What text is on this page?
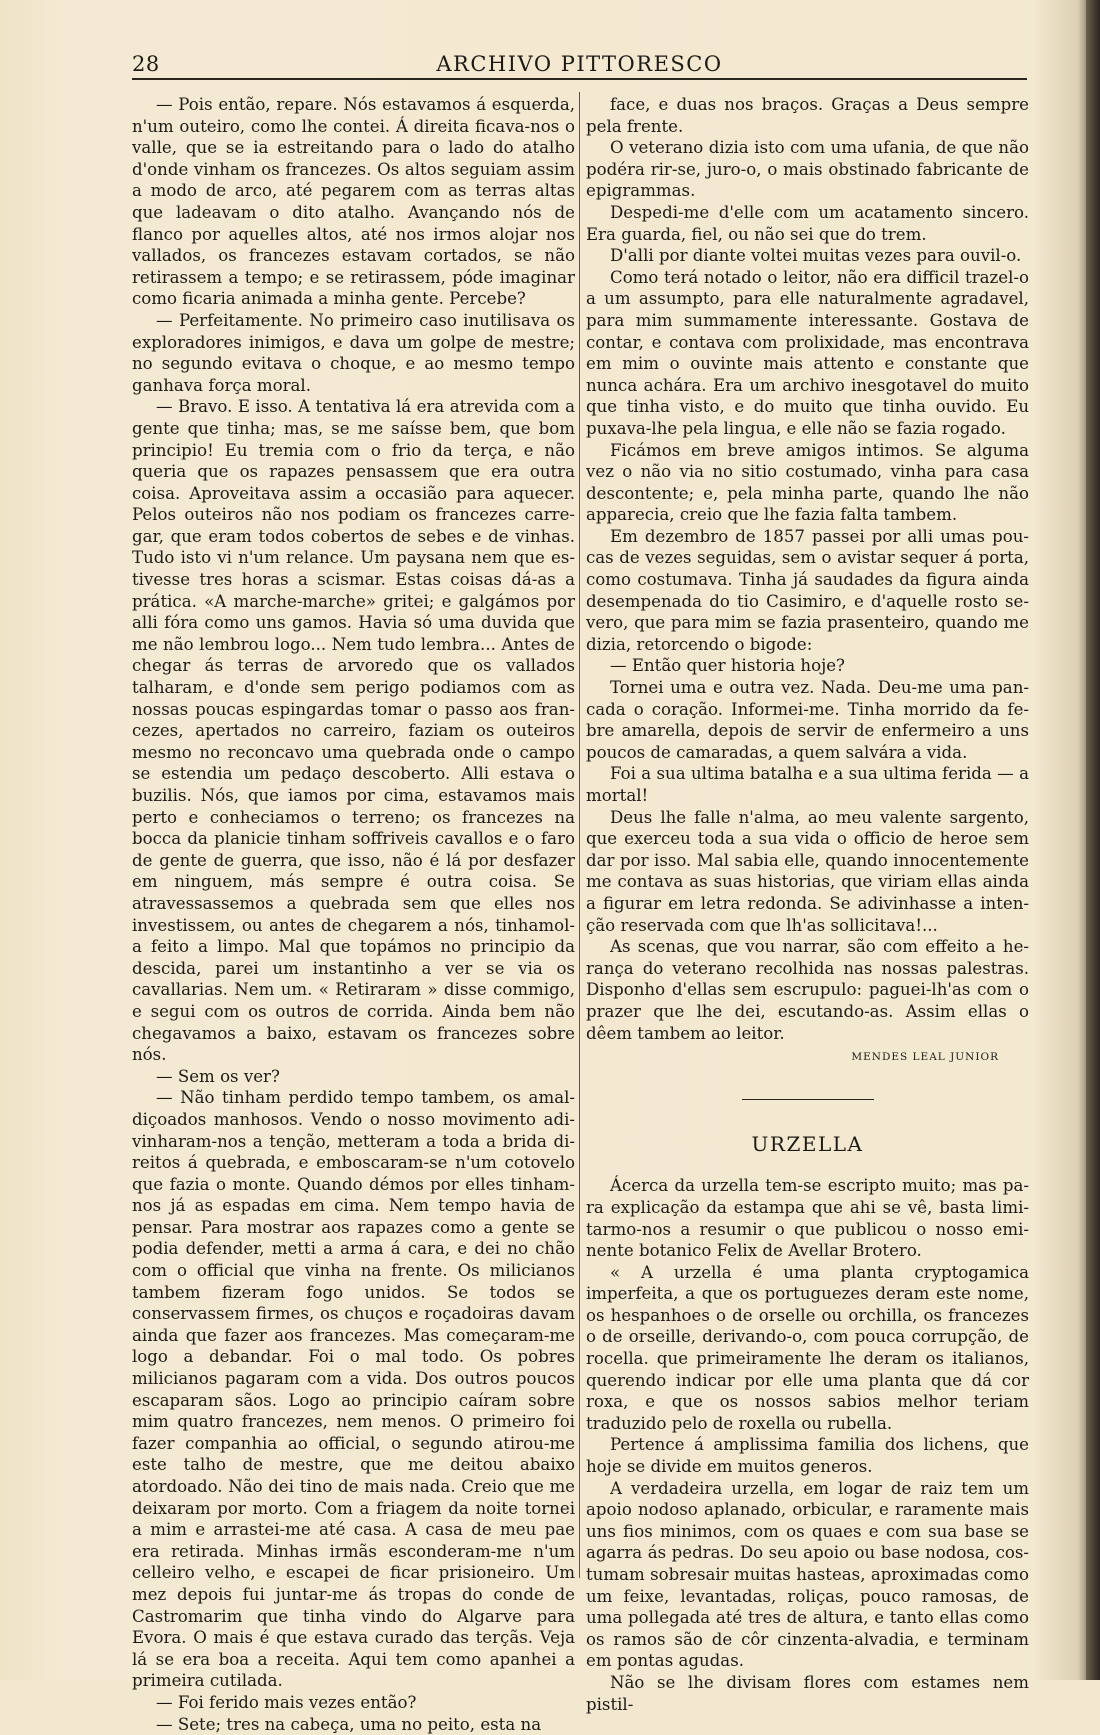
28	ARCHIVO PITTORESCO

— Pois então, repare. Nós estavamos á esquerda, n'um outeiro, como lhe contei. Á direita ficava-nos o valle, que se ia estreitando para o lado do atalho d'onde vinham os francezes. Os altos seguiam assim a modo de arco, até pegarem com as terras altas que ladeavam o dito atalho. Avançando nós de flanco por aquelles altos, até nos irmos alojar nos vallados, os francezes estavam cortados, se não retirassem a tempo; e se retirassem, póde imaginar como ficaria animada a minha gente. Percebe?

— Perfeitamente. No primeiro caso inutilisava os exploradores inimigos, e dava um golpe de mestre; no segundo evitava o choque, e ao mesmo tempo ganhava força moral.

— Bravo. E isso. A tentativa lá era atrevida com a gente que tinha; mas, se me saísse bem, que bom principio! Eu tremia com o frio da terça, e não queria que os rapazes pensassem que era outra coisa. Aproveitava assim a occasião para aquecer. Pelos outeiros não nos podiam os francezes carregar, que eram todos cobertos de sebes e de vinhas. Tudo isto vi n'um relance. Um paysana nem que estivesse tres horas a scismar. Estas coisas dá-as a prática. «A marche-marche» gritei; e galgámos por alli fóra como uns gamos. Havia só uma duvida que me não lembrou logo... Nem tudo lembra... Antes de chegar ás terras de arvoredo que os vallados talharam, e d'onde sem perigo podiamos com as nossas poucas espingardas tomar o passo aos francezes, apertados no carreiro, faziam os outeiros mesmo no reconcavo uma quebrada onde o campo se estendia um pedaço descoberto. Alli estava o buzilis. Nós, que iamos por cima, estavamos mais perto e conheciamos o terreno; os francezes na bocca da planicie tinham soffriveis cavallos e o faro de gente de guerra, que isso, não é lá por desfazer em ninguem, más sempre é outra coisa. Se atravessassemos a quebrada sem que elles nos investissem, ou antes de chegarem a nós, tinhamol-a feito a limpo. Mal que topámos no principio da descida, parei um instantinho a ver se via os cavallarias. Nem um. « Retiraram » disse commigo, e segui com os outros de corrida. Ainda bem não chegavamos a baixo, estavam os francezes sobre nós.

— Sem os ver?

— Não tinham perdido tempo tambem, os amaldiçoados manhosos. Vendo o nosso movimento adivinharam-nos a tenção, metteram a toda a brida direitos á quebrada, e emboscaram-se n'um cotovelo que fazia o monte. Quando démos por elles tinhamnos já as espadas em cima. Nem tempo havia de pensar. Para mostrar aos rapazes como a gente se podia defender, metti a arma á cara, e dei no chão com o official que vinha na frente. Os milicianos tambem fizeram fogo unidos. Se todos se conservassem firmes, os chuços e roçadoiras davam ainda que fazer aos francezes. Mas começaram-me logo a debandar. Foi o mal todo. Os pobres milicianos pagaram com a vida. Dos outros poucos escaparam sãos. Logo ao principio caíram sobre mim quatro francezes, nem menos. O primeiro foi fazer companhia ao official, o segundo atirou-me este talho de mestre, que me deitou abaixo atordoado. Não dei tino de mais nada. Creio que me deixaram por morto. Com a friagem da noite tornei a mim e arrastei-me até casa. A casa de meu pae era retirada. Minhas irmãs esconderam-me n'um celleiro velho, e escapei de ficar prisioneiro. Um mez depois fui juntar-me ás tropas do conde de Castromarim que tinha vindo do Algarve para Evora. O mais é que estava curado das terçãs. Veja lá se era boa a receita. Aqui tem como apanhei a primeira cutilada.

— Foi ferido mais vezes então?

— Sete; tres na cabeça, uma no peito, esta na

face, e duas nos braços. Graças a Deus sempre pela frente.

O veterano dizia isto com uma ufania, de que não podéra rir-se, juro-o, o mais obstinado fabricante de epigrammas.

Despedi-me d'elle com um acatamento sincero. Era guarda, fiel, ou não sei que do trem.

D'alli por diante voltei muitas vezes para ouvil-o.

Como terá notado o leitor, não era difficil trazel-o a um assumpto, para elle naturalmente agradavel, para mim summamente interessante. Gostava de contar, e contava com prolixidade, mas encontrava em mim o ouvinte mais attento e constante que nunca achára. Era um archivo inesgotavel do muito que tinha visto, e do muito que tinha ouvido. Eu puxava-lhe pela lingua, e elle não se fazia rogado.

Ficámos em breve amigos intimos. Se alguma vez o não via no sitio costumado, vinha para casa descontente; e, pela minha parte, quando lhe não apparecia, creio que lhe fazia falta tambem.

Em dezembro de 1857 passei por alli umas poucas de vezes seguidas, sem o avistar sequer á porta, como costumava. Tinha já saudades da figura ainda desempenada do tio Casimiro, e d'aquelle rosto severo, que para mim se fazia prasenteiro, quando me dizia, retorcendo o bigode:

— Então quer historia hoje?

Tornei uma e outra vez. Nada. Deu-me uma pancada o coração. Informei-me. Tinha morrido da febre amarella, depois de servir de enfermeiro a uns poucos de camaradas, a quem salvára a vida.

Foi a sua ultima batalha e a sua ultima ferida — a mortal!

Deus lhe falle n'alma, ao meu valente sargento, que exerceu toda a sua vida o officio de heroe sem dar por isso. Mal sabia elle, quando innocentemente me contava as suas historias, que viriam ellas ainda a figurar em letra redonda. Se adivinhasse a intenção reservada com que lh'as sollicitava!...

As scenas, que vou narrar, são com effeito a herança do veterano recolhida nas nossas palestras. Disponho d'ellas sem escrupulo: paguei-lh'as com o prazer que lhe dei, escutando-as. Assim ellas o dêem tambem ao leitor.

MENDES LEAL JUNIOR
URZELLA

Ácerca da urzella tem-se escripto muito; mas para explicação da estampa que ahi se vê, basta limitarmo-nos a resumir o que publicou o nosso eminente botanico Felix de Avellar Brotero.

« A urzella é uma planta cryptogamica imperfeita, a que os portuguezes deram este nome, os hespanhoes o de orselle ou orchilla, os francezes o de orseille, derivando-o, com pouca corrupção, de rocella. que primeiramente lhe deram os italianos, querendo indicar por elle uma planta que dá cor roxa, e que os nossos sabios melhor teriam traduzido pelo de roxella ou rubella.

Pertence á amplissima familia dos lichens, que hoje se divide em muitos generos.

A verdadeira urzella, em logar de raiz tem um apoio nodoso aplanado, orbicular, e raramente mais uns fios minimos, com os quaes e com sua base se agarra ás pedras. Do seu apoio ou base nodosa, costumam sobresair muitas hasteas, aproximadas como um feixe, levantadas, roliças, pouco ramosas, de uma pollegada até tres de altura, e tanto ellas como os ramos são de côr cinzenta-alvadia, e terminam em pontas agudas.

Não se lhe divisam flores com estames nem pistil-
